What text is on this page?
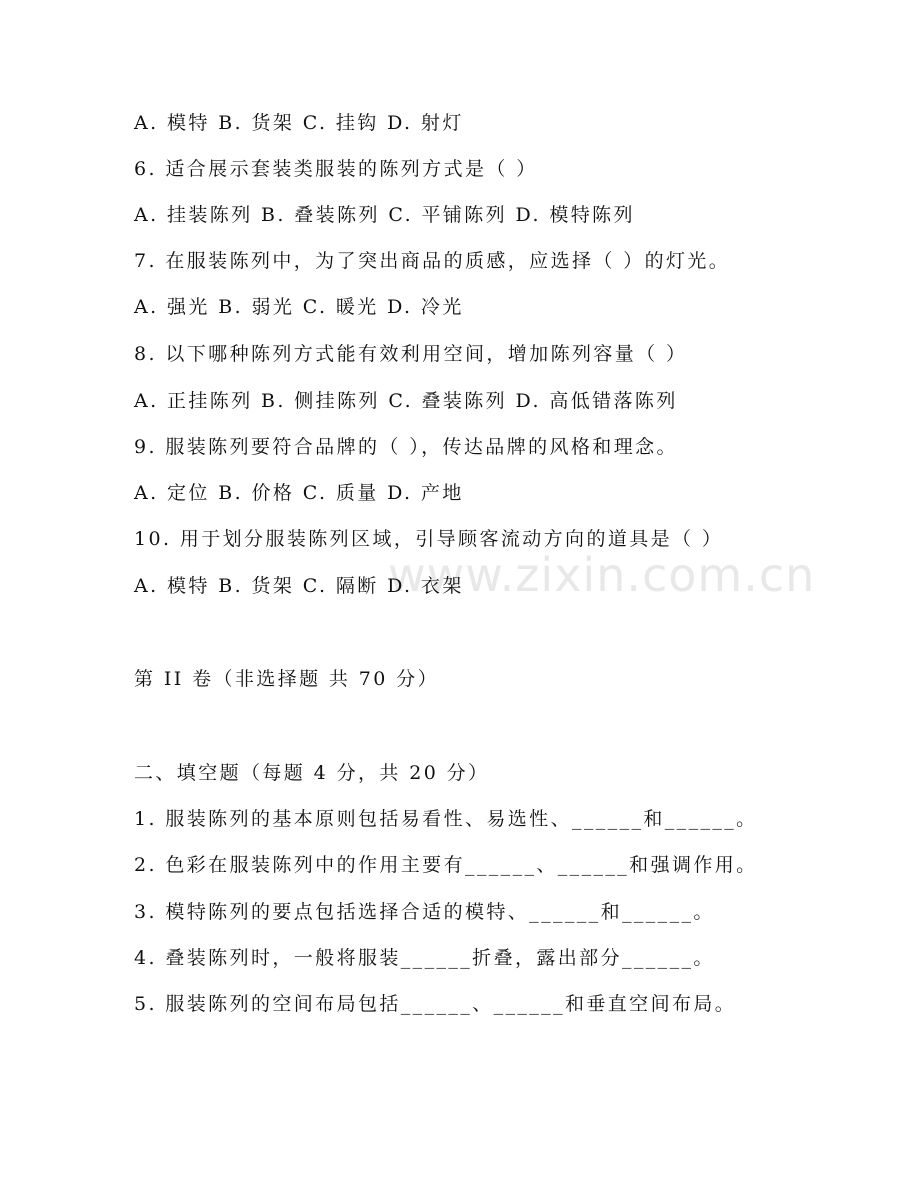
www.zixin.com.cn
A. 模特 B. 货架 C. 挂钩 D. 射灯
6. 适合展示套装类服装的陈列方式是（ ）
A. 挂装陈列 B. 叠装陈列 C. 平铺陈列 D. 模特陈列
7. 在服装陈列中，为了突出商品的质感，应选择（ ）的灯光。
A. 强光 B. 弱光 C. 暖光 D. 冷光
8. 以下哪种陈列方式能有效利用空间，增加陈列容量（ ）
A. 正挂陈列 B. 侧挂陈列 C. 叠装陈列 D. 高低错落陈列
9. 服装陈列要符合品牌的（ ），传达品牌的风格和理念。
A. 定位 B. 价格 C. 质量 D. 产地
10. 用于划分服装陈列区域，引导顾客流动方向的道具是（ ）
A. 模特 B. 货架 C. 隔断 D. 衣架
第 II 卷（非选择题 共 70 分）
二、填空题（每题 4 分，共 20 分）
1. 服装陈列的基本原则包括易看性、易选性、______和______。
2. 色彩在服装陈列中的作用主要有______、______和强调作用。
3. 模特陈列的要点包括选择合适的模特、______和______。
4. 叠装陈列时，一般将服装______折叠，露出部分______。
5. 服装陈列的空间布局包括______、______和垂直空间布局。
